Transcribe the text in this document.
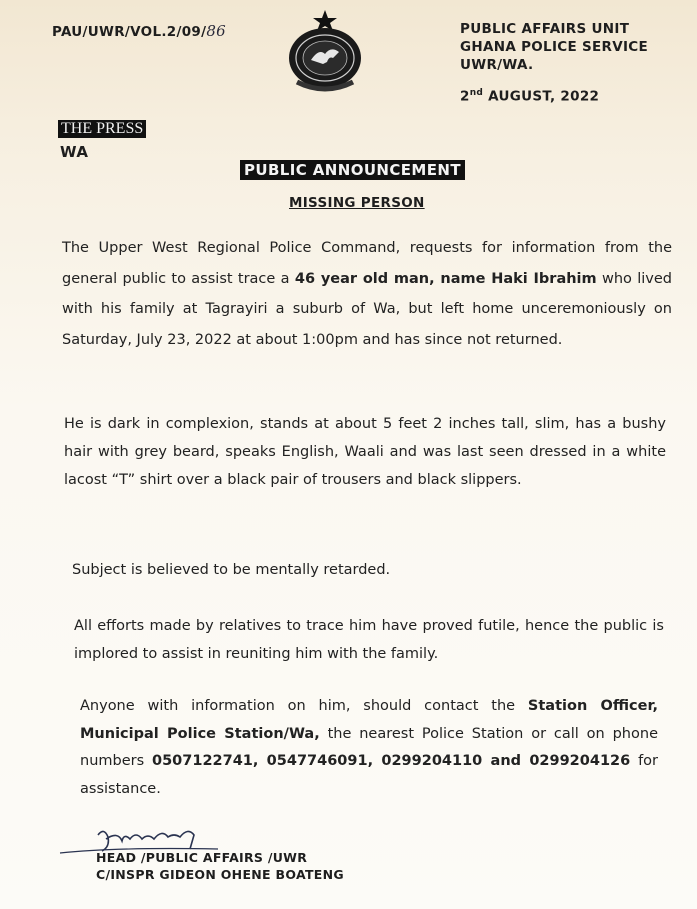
PAU/UWR/VOL.2/09/86	PUBLIC AFFAIRS UNIT
GHANA POLICE SERVICE
UWR/WA.
2nd AUGUST, 2022
THE PRESS
WA
PUBLIC ANNOUNCEMENT
MISSING PERSON
The Upper West Regional Police Command, requests for information from the general public to assist trace a 46 year old man, name Haki Ibrahim who lived with his family at Tagrayiri a suburb of Wa, but left home unceremoniously on Saturday, July 23, 2022 at about 1:00pm and has since not returned.
He is dark in complexion, stands at about 5 feet 2 inches tall, slim, has a bushy hair with grey beard, speaks English, Waali and was last seen dressed in a white lacost “T” shirt over a black pair of trousers and black slippers.
Subject is believed to be mentally retarded.
All efforts made by relatives to trace him have proved futile, hence the public is implored to assist in reuniting him with the family.
Anyone with information on him, should contact the Station Officer, Municipal Police Station/Wa, the nearest Police Station or call on phone numbers 0507122741, 0547746091, 0299204110 and 0299204126 for assistance.
HEAD /PUBLIC AFFAIRS /UWR
C/INSPR GIDEON OHENE BOATENG
